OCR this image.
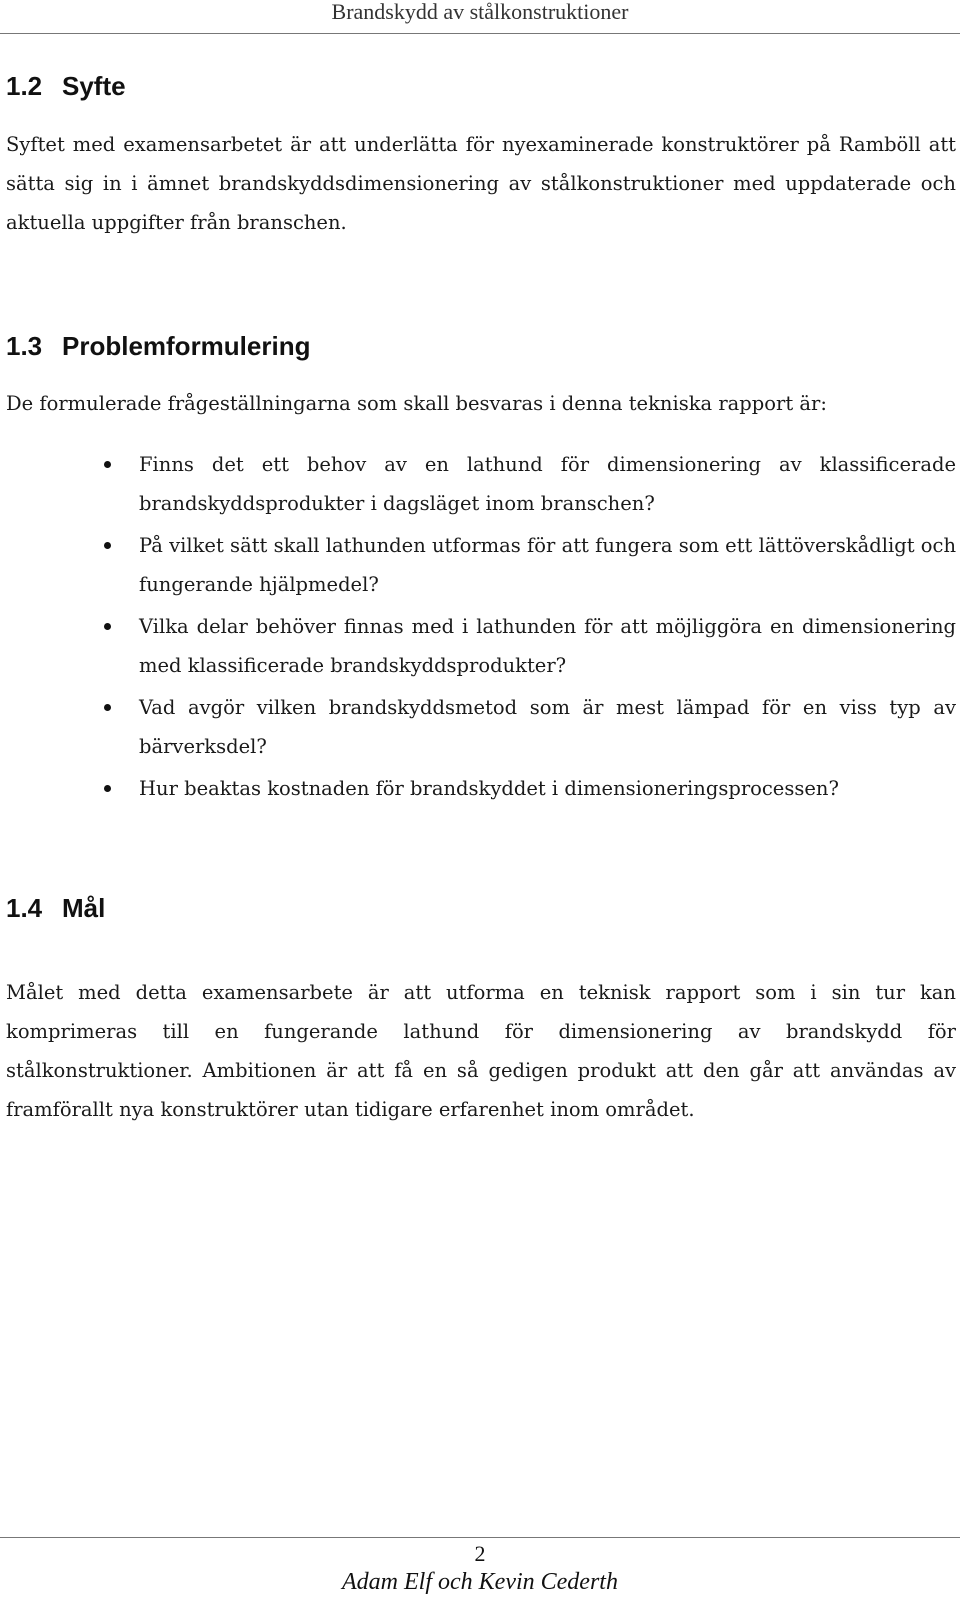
Brandskydd av stålkonstruktioner
1.2 Syfte

Syftet med examensarbetet är att underlätta för nyexaminerade konstruktörer på Ramböll att sätta sig in i ämnet brandskyddsdimensionering av stålkonstruktioner med uppdaterade och aktuella uppgifter från branschen.

1.3 Problemformulering

De formulerade frågeställningarna som skall besvaras i denna tekniska rapport är:

Finns det ett behov av en lathund för dimensionering av klassificerade brandskyddsprodukter i dagsläget inom branschen?
På vilket sätt skall lathunden utformas för att fungera som ett lättöverskådligt och fungerande hjälpmedel?
Vilka delar behöver finnas med i lathunden för att möjliggöra en dimensionering med klassificerade brandskyddsprodukter?
Vad avgör vilken brandskyddsmetod som är mest lämpad för en viss typ av bärverksdel?
Hur beaktas kostnaden för brandskyddet i dimensioneringsprocessen?
1.4 Mål

Målet med detta examensarbete är att utforma en teknisk rapport som i sin tur kan komprimeras till en fungerande lathund för dimensionering av brandskydd för stålkonstruktioner. Ambitionen är att få en så gedigen produkt att den går att användas av framförallt nya konstruktörer utan tidigare erfarenhet inom området.

2
Adam Elf och Kevin Cederth
